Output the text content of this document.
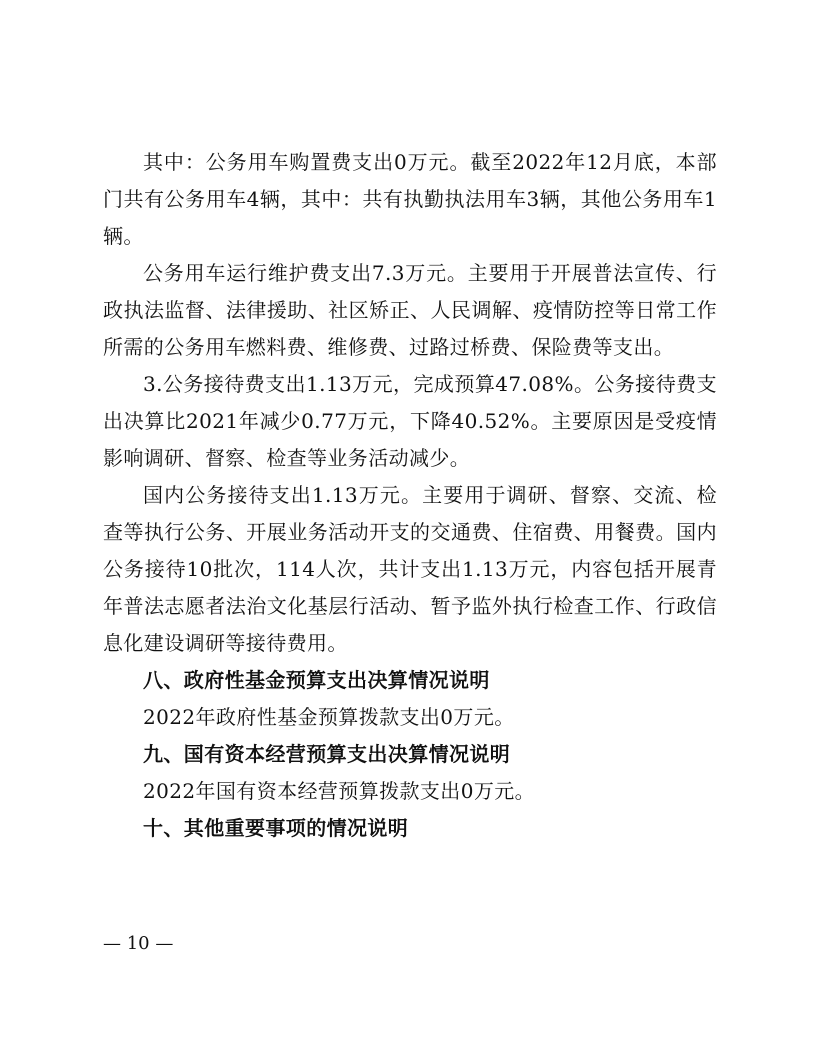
其中：公务用车购置费支出0万元。截至2022年12月底，本部门共有公务用车4辆，其中：共有执勤执法用车3辆，其他公务用车1辆。

公务用车运行维护费支出7.3万元。主要用于开展普法宣传、行政执法监督、法律援助、社区矫正、人民调解、疫情防控等日常工作所需的公务用车燃料费、维修费、过路过桥费、保险费等支出。

3.公务接待费支出1.13万元，完成预算47.08%。公务接待费支出决算比2021年减少0.77万元，下降40.52%。主要原因是受疫情影响调研、督察、检查等业务活动减少。

国内公务接待支出1.13万元。主要用于调研、督察、交流、检查等执行公务、开展业务活动开支的交通费、住宿费、用餐费。国内公务接待10批次，114人次，共计支出1.13万元，内容包括开展青年普法志愿者法治文化基层行活动、暂予监外执行检查工作、行政信息化建设调研等接待费用。

八、政府性基金预算支出决算情况说明

2022年政府性基金预算拨款支出0万元。

九、国有资本经营预算支出决算情况说明

2022年国有资本经营预算拨款支出0万元。

十、其他重要事项的情况说明

— 10 —
